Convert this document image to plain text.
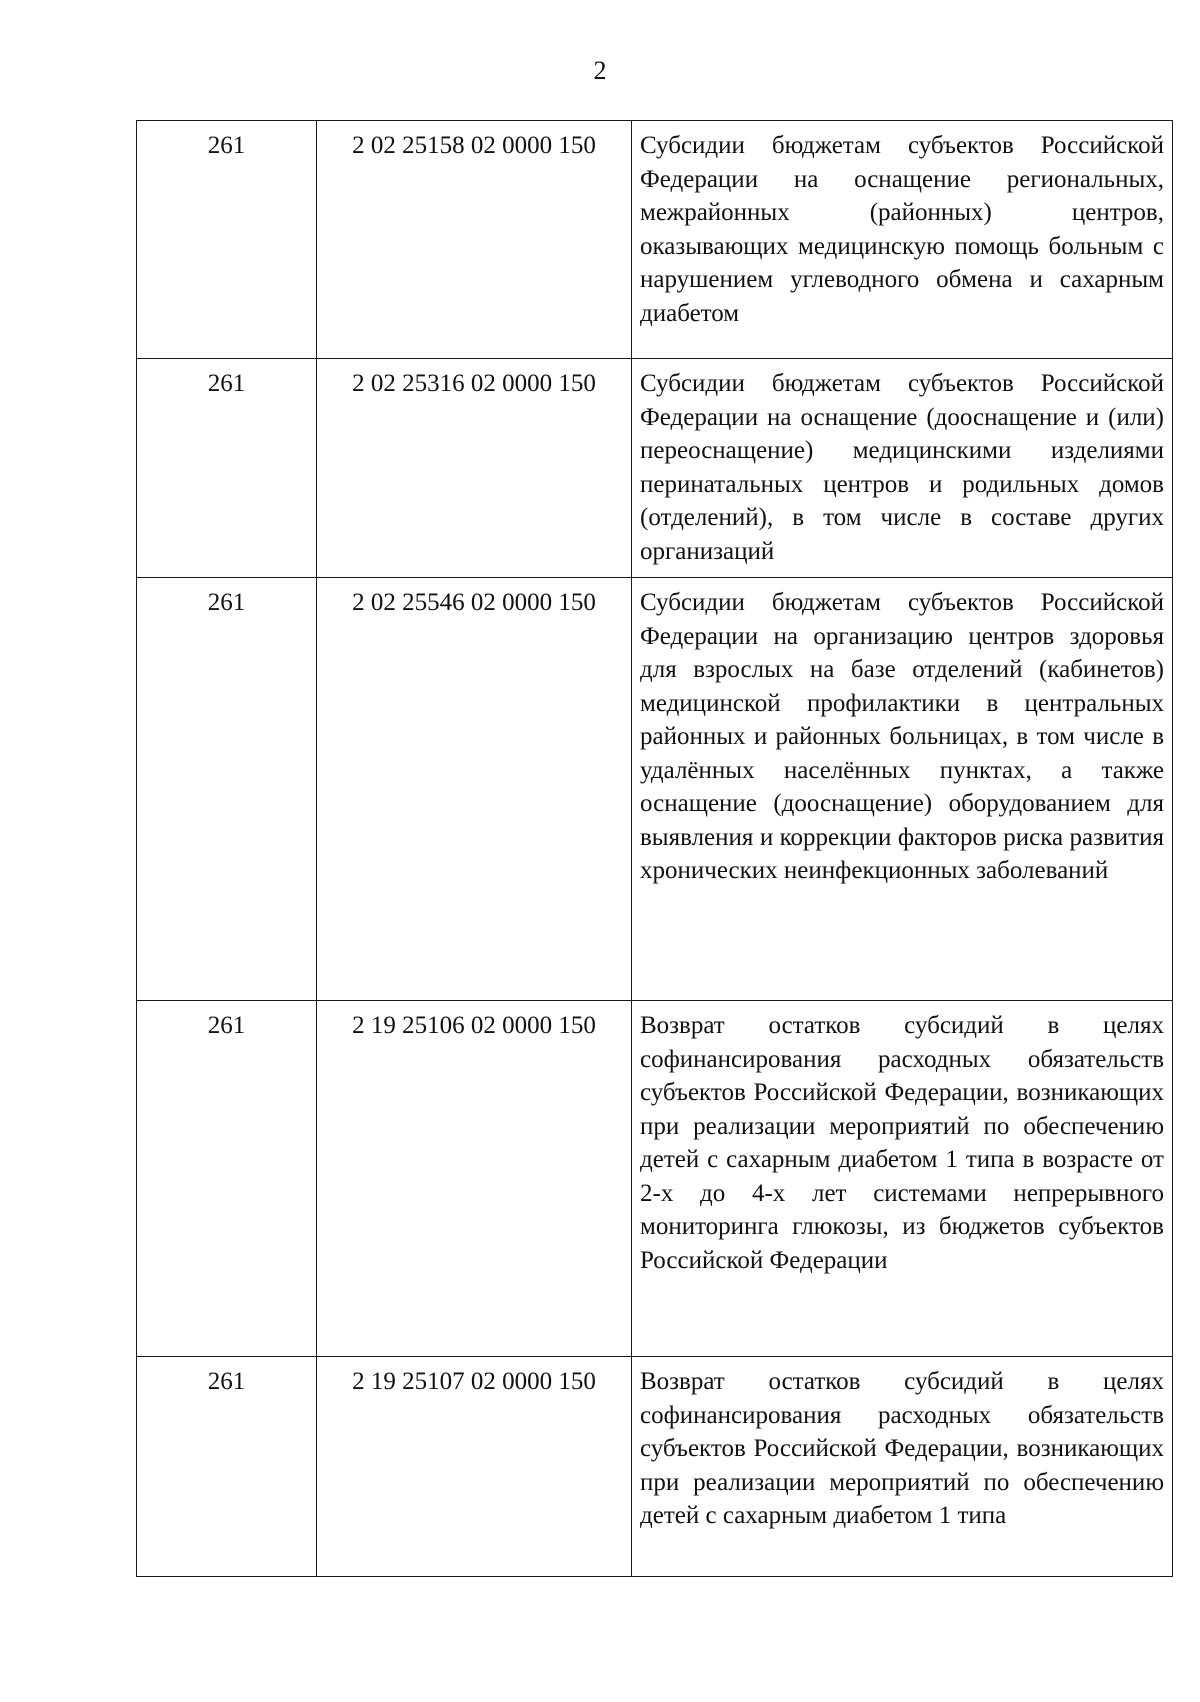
2
261	2 02 25158 02 0000 150	Субсидии бюджетам субъектов Российской Федерации на оснащение региональных, межрайонных (районных) центров, оказывающих медицинскую помощь больным с нарушением углеводного обмена и сахарным диабетом
261	2 02 25316 02 0000 150	Субсидии бюджетам субъектов Российской Федерации на оснащение (дооснащение и (или) переоснащение) медицинскими изделиями перинатальных центров и родильных домов (отделений), в том числе в составе других организаций
261	2 02 25546 02 0000 150	Субсидии бюджетам субъектов Российской Федерации на организацию центров здоровья для взрослых на базе отделений (кабинетов) медицинской профилактики в центральных районных и районных больницах, в том числе в удалённых населённых пунктах, а также оснащение (дооснащение) оборудованием для выявления и коррекции факторов риска развития хронических неинфекционных заболеваний
261	2 19 25106 02 0000 150	Возврат остатков субсидий в целях софинансирования расходных обязательств субъектов Российской Федерации, возникающих при реализации мероприятий по обеспечению детей с сахарным диабетом 1 типа в возрасте от 2-х до 4-х лет системами непрерывного мониторинга глюкозы, из бюджетов субъектов Российской Федерации
261	2 19 25107 02 0000 150	Возврат остатков субсидий в целях софинансирования расходных обязательств субъектов Российской Федерации, возникающих при реализации мероприятий по обеспечению детей с сахарным диабетом 1 типа
